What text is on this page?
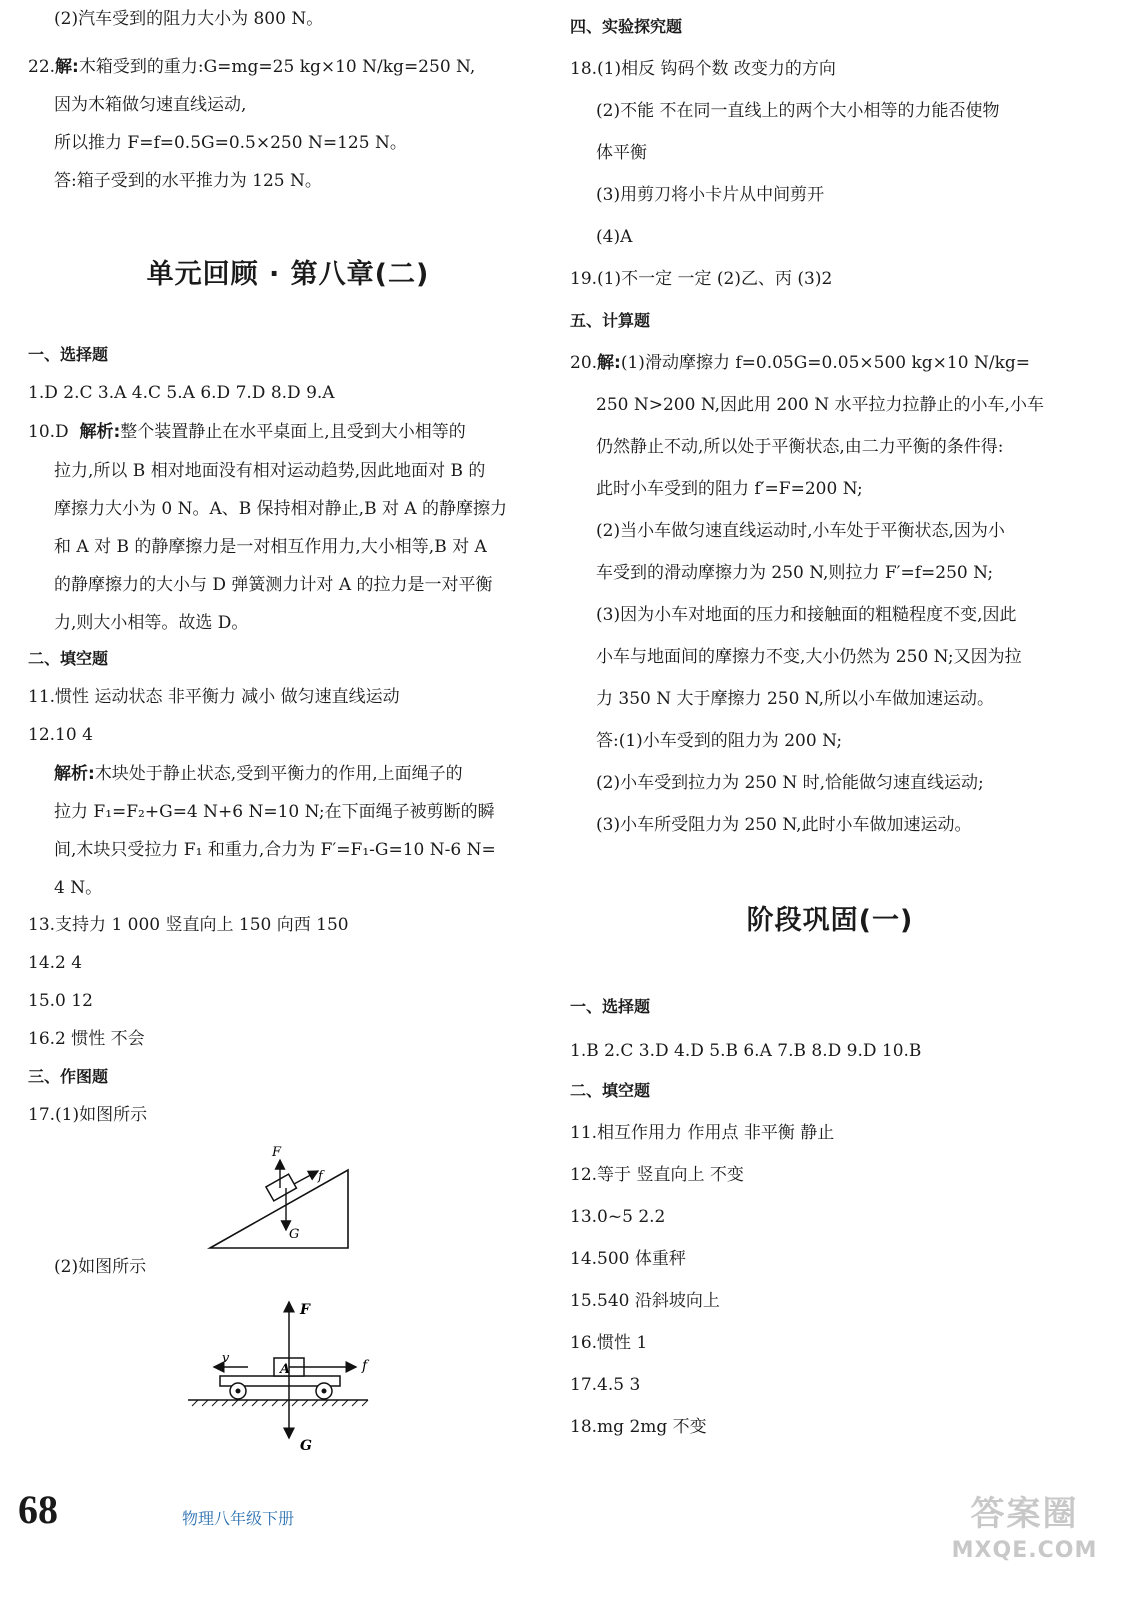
(2)汽车受到的阻力大小为 800 N。
22.解:木箱受到的重力:G=mg=25 kg×10 N/kg=250 N,
因为木箱做匀速直线运动,
所以推力 F=f=0.5G=0.5×250 N=125 N。
答:箱子受到的水平推力为 125 N。
单元回顾 · 第八章(二)
一、选择题
1.D 2.C 3.A 4.C 5.A 6.D 7.D 8.D 9.A
10.D 解析:整个装置静止在水平桌面上,且受到大小相等的
拉力,所以 B 相对地面没有相对运动趋势,因此地面对 B 的
摩擦力大小为 0 N。A、B 保持相对静止,B 对 A 的静摩擦力
和 A 对 B 的静摩擦力是一对相互作用力,大小相等,B 对 A
的静摩擦力的大小与 D 弹簧测力计对 A 的拉力是一对平衡
力,则大小相等。故选 D。
二、填空题
11.惯性 运动状态 非平衡力 减小 做匀速直线运动
12.10 4
解析:木块处于静止状态,受到平衡力的作用,上面绳子的
拉力 F₁=F₂+G=4 N+6 N=10 N;在下面绳子被剪断的瞬
间,木块只受拉力 F₁ 和重力,合力为 F′=F₁-G=10 N-6 N=
4 N。
13.支持力 1 000 竖直向上 150 向西 150
14.2 4
15.0 12
16.2 惯性 不会
三、作图题
17.(1)如图所示
F
f
G
(2)如图所示
A
F
f
v
G
四、实验探究题
18.(1)相反 钩码个数 改变力的方向
(2)不能 不在同一直线上的两个大小相等的力能否使物
体平衡
(3)用剪刀将小卡片从中间剪开
(4)A
19.(1)不一定 一定 (2)乙、丙 (3)2
五、计算题
20.解:(1)滑动摩擦力 f=0.05G=0.05×500 kg×10 N/kg=
250 N>200 N,因此用 200 N 水平拉力拉静止的小车,小车
仍然静止不动,所以处于平衡状态,由二力平衡的条件得:
此时小车受到的阻力 f′=F=200 N;
(2)当小车做匀速直线运动时,小车处于平衡状态,因为小
车受到的滑动摩擦力为 250 N,则拉力 F′=f=250 N;
(3)因为小车对地面的压力和接触面的粗糙程度不变,因此
小车与地面间的摩擦力不变,大小仍然为 250 N;又因为拉
力 350 N 大于摩擦力 250 N,所以小车做加速运动。
答:(1)小车受到的阻力为 200 N;
(2)小车受到拉力为 250 N 时,恰能做匀速直线运动;
(3)小车所受阻力为 250 N,此时小车做加速运动。
阶段巩固(一)
一、选择题
1.B 2.C 3.D 4.D 5.B 6.A 7.B 8.D 9.D 10.B
二、填空题
11.相互作用力 作用点 非平衡 静止
12.等于 竖直向上 不变
13.0~5 2.2
14.500 体重秤
15.540 沿斜坡向上
16.惯性 1
17.4.5 3
18.mg 2mg 不变
68	物理八年级下册	答案圈
MXQE.COM
